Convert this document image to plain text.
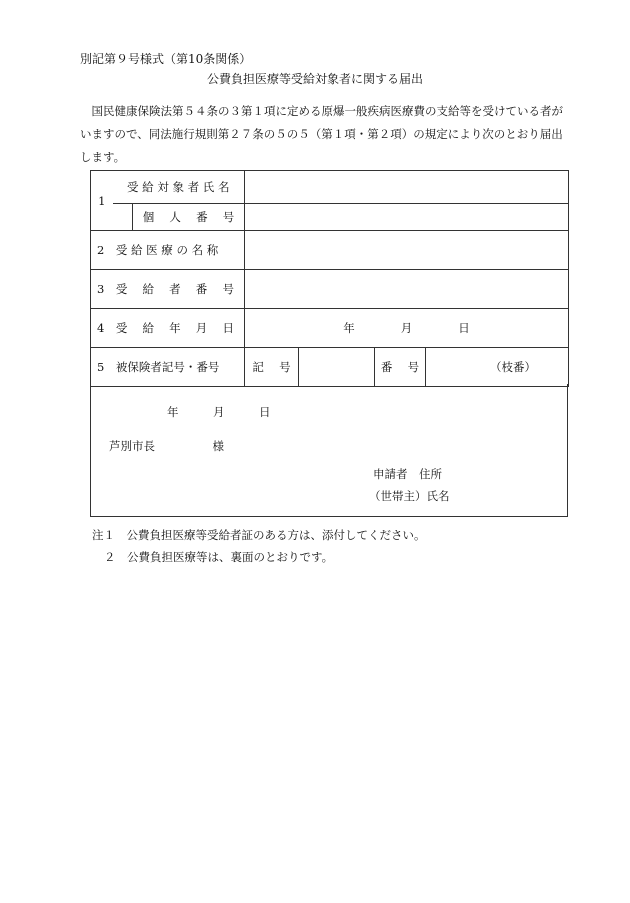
別記第９号様式（第10条関係）
公費負担医療等受給対象者に関する届出
国民健康保険法第５４条の３第１項に定める原爆一般疾病医療費の支給等を受けている者がいますので、同法施行規則第２７条の５の５（第１項・第２項）の規定により次のとおり届出します。
1	受 給 対 象 者 氏 名					
		個　 人　 番　 号				
2　受 給 医 療 の 名 称						
3　受　 給　 者　 番　 号						
4　受　 給　 年　 月　 日			年　　　　月　　　　日			
5　被保険者記号・番号			記　 号		番　 号	（枝番）
年　　　月　　　日
芦別市長　　　　　様
申請者　住所
（世帯主）氏名
注１　公費負担医療等受給者証のある方は、添付してください。
２　公費負担医療等は、裏面のとおりです。
